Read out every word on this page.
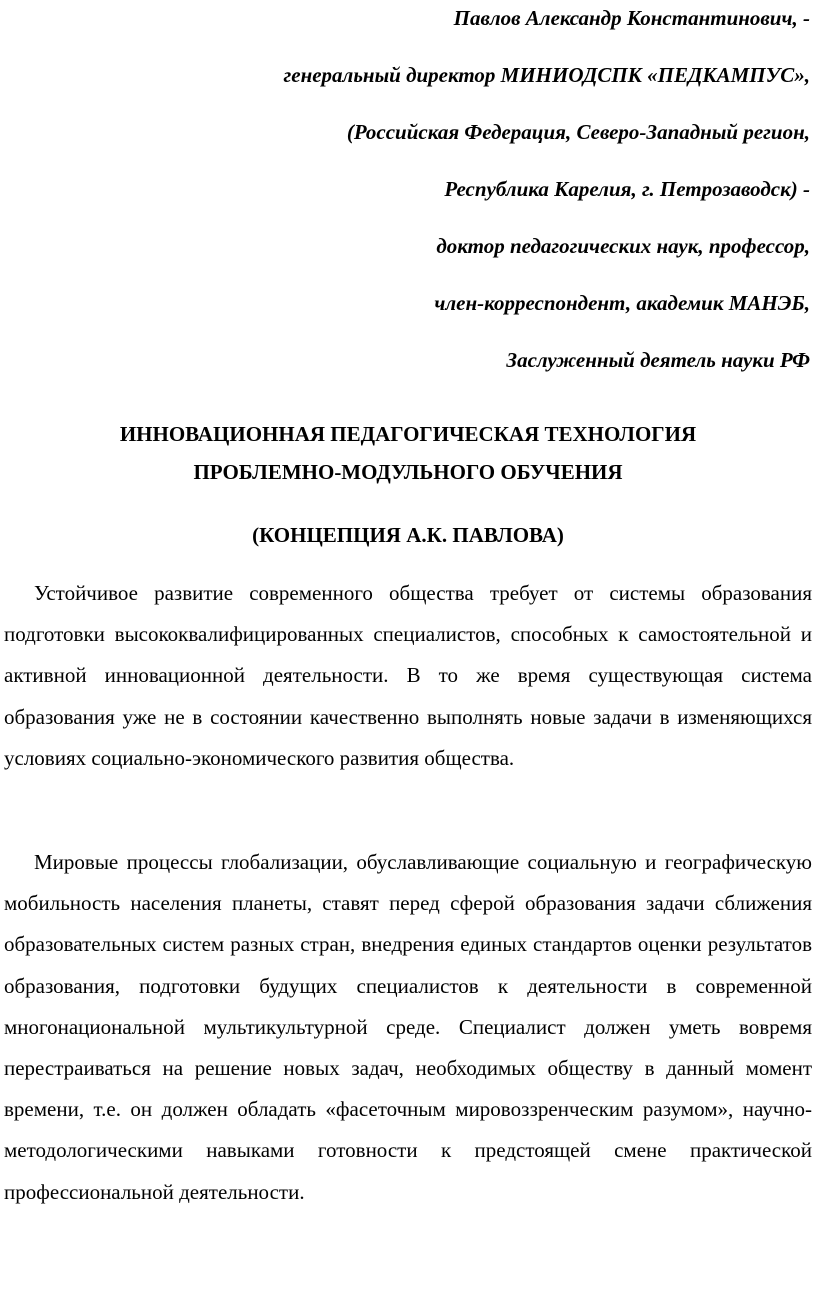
Павлов Александр Константинович, -
генеральный директор МИНИОДСПК «ПЕДКАМПУС»,
(Российская Федерация, Северо-Западный регион,
Республика Карелия, г. Петрозаводск) -
доктор педагогических наук, профессор,
член-корреспондент, академик МАНЭБ,
Заслуженный деятель науки РФ
ИННОВАЦИОННАЯ ПЕДАГОГИЧЕСКАЯ ТЕХНОЛОГИЯ
ПРОБЛЕМНО-МОДУЛЬНОГО ОБУЧЕНИЯ
(КОНЦЕПЦИЯ А.К. ПАВЛОВА)

Устойчивое развитие современного общества требует от системы образования подготовки высококвалифицированных специалистов, способных к самостоятельной и активной инновационной деятельности. В то же время существующая система образования уже не в состоянии качественно выполнять новые задачи в изменяющихся условиях социально-экономического развития общества.

Мировые процессы глобализации, обуславливающие социальную и географическую мобильность населения планеты, ставят перед сферой образования задачи сближения образовательных систем разных стран, внедрения единых стандартов оценки результатов образования, подготовки будущих специалистов к деятельности в современной многонациональной мультикультурной среде. Специалист должен уметь вовремя перестраиваться на решение новых задач, необходимых обществу в данный момент времени, т.е. он должен обладать «фасеточным мировоззренческим разумом», научно-методологическими навыками готовности к предстоящей смене практической профессиональной деятельности.
